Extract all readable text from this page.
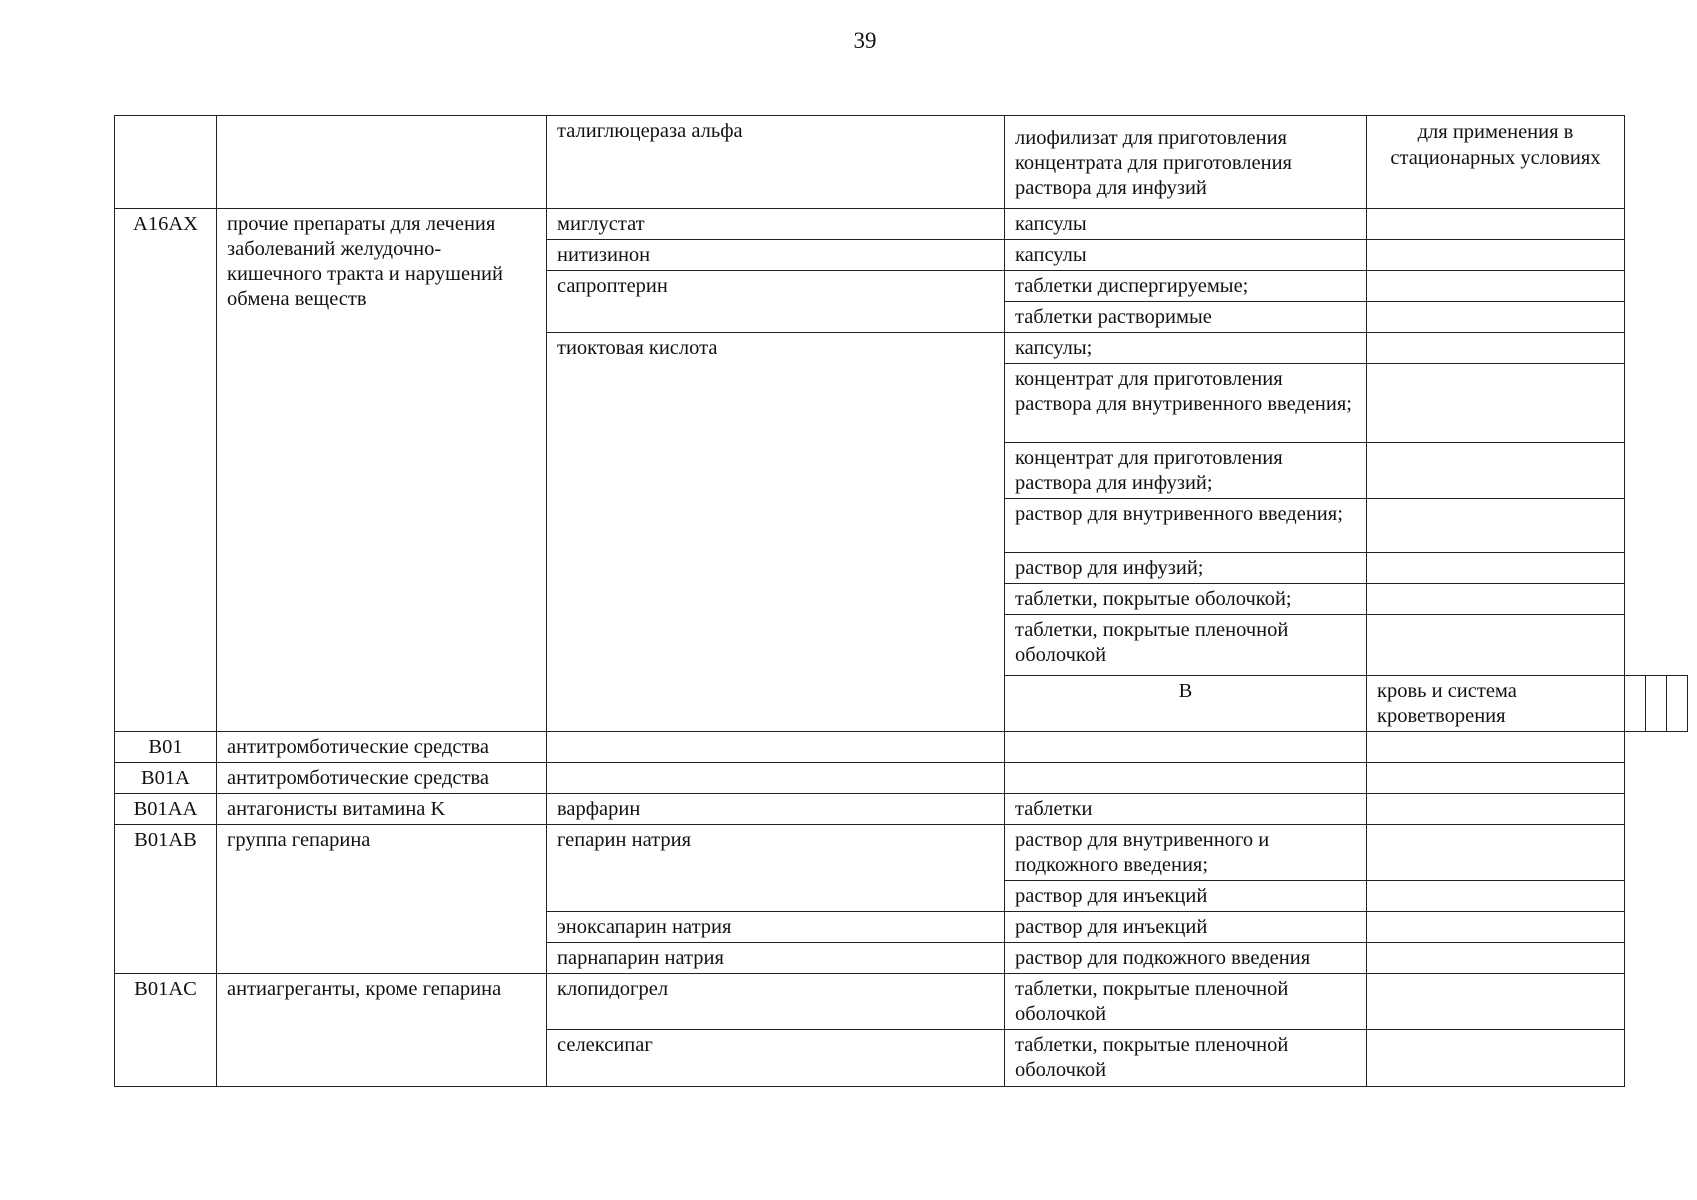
39
		талиглюцераза альфа	лиофилизат для приготовления концентрата для приготовления раствора для инфузий	для применения в стационарных условиях			
A16AX	прочие препараты для лечения заболеваний желудочно-кишечного тракта и нарушений обмена веществ	миглустат	капсулы				
		нитизинон	капсулы				
		сапроптерин	таблетки диспергируемые;				
			таблетки растворимые				
		тиоктовая кислота	капсулы;				
			концентрат для приготовления раствора для внутривенного введения;				
			концентрат для приготовления раствора для инфузий;				
			раствор для внутривенного введения;				
			раствор для инфузий;				
			таблетки, покрытые оболочкой;				
			таблетки, покрытые пленочной оболочкой				
			B	кровь и система кроветворения			
B01	антитромботические средства						
B01A	антитромботические средства						
B01AA	антагонисты витамина K	варфарин	таблетки				
B01AB	группа гепарина	гепарин натрия	раствор для внутривенного и подкожного введения;				
			раствор для инъекций				
		эноксапарин натрия	раствор для инъекций				
		парнапарин натрия	раствор для подкожного введения				
B01AC	антиагреганты, кроме гепарина	клопидогрел	таблетки, покрытые пленочной оболочкой				
		селексипаг	таблетки, покрытые пленочной оболочкой				
